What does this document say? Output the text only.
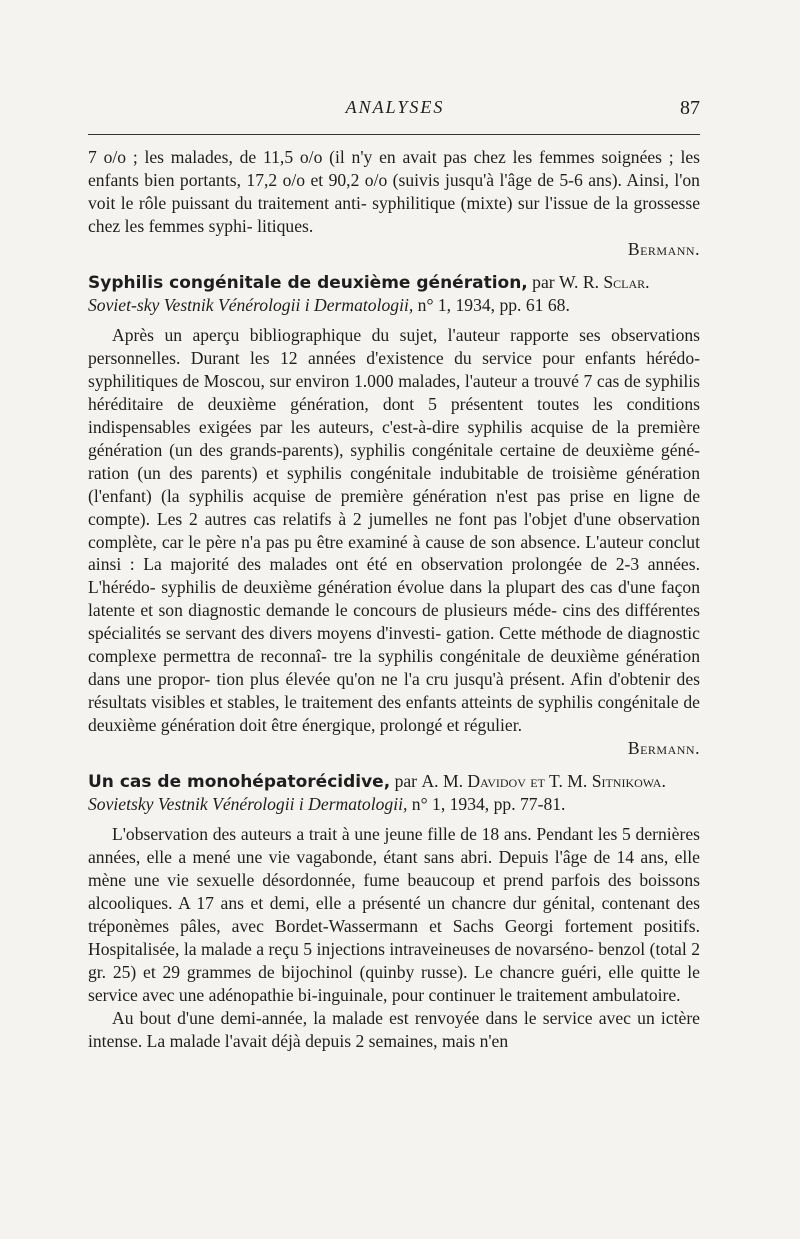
ANALYSES	87

7 o/o ; les malades, de 11,5 o/o (il n'y en avait pas chez les femmes soignées ; les enfants bien portants, 17,2 o/o et 90,2 o/o (suivis jusqu'à l'âge de 5-6 ans). Ainsi, l'on voit le rôle puissant du traitement anti- syphilitique (mixte) sur l'issue de la grossesse chez les femmes syphi- litiques.

Bermann.
Syphilis congénitale de deuxième génération, par W. R. Sclar. Soviet-sky Vestnik Vénérologii i Dermatologii, n° 1, 1934, pp. 61 68.

Après un aperçu bibliographique du sujet, l'auteur rapporte ses observations personnelles. Durant les 12 années d'existence du service pour enfants hérédo-syphilitiques de Moscou, sur environ 1.000 malades, l'auteur a trouvé 7 cas de syphilis héréditaire de deuxième génération, dont 5 présentent toutes les conditions indispensables exigées par les auteurs, c'est-à-dire syphilis acquise de la première génération (un des grands-parents), syphilis congénitale certaine de deuxième géné- ration (un des parents) et syphilis congénitale indubitable de troisième génération (l'enfant) (la syphilis acquise de première génération n'est pas prise en ligne de compte). Les 2 autres cas relatifs à 2 jumelles ne font pas l'objet d'une observation complète, car le père n'a pas pu être examiné à cause de son absence. L'auteur conclut ainsi : La majorité des malades ont été en observation prolongée de 2-3 années. L'hérédo- syphilis de deuxième génération évolue dans la plupart des cas d'une façon latente et son diagnostic demande le concours de plusieurs méde- cins des différentes spécialités se servant des divers moyens d'investi- gation. Cette méthode de diagnostic complexe permettra de reconnaî- tre la syphilis congénitale de deuxième génération dans une propor- tion plus élevée qu'on ne l'a cru jusqu'à présent. Afin d'obtenir des résultats visibles et stables, le traitement des enfants atteints de syphilis congénitale de deuxième génération doit être énergique, prolongé et régulier.

Bermann.
Un cas de monohépatorécidive, par A. M. Davidov et T. M. Sitnikowa. Sovietsky Vestnik Vénérologii i Dermatologii, n° 1, 1934, pp. 77-81.

L'observation des auteurs a trait à une jeune fille de 18 ans. Pendant les 5 dernières années, elle a mené une vie vagabonde, étant sans abri. Depuis l'âge de 14 ans, elle mène une vie sexuelle désordonnée, fume beaucoup et prend parfois des boissons alcooliques. A 17 ans et demi, elle a présenté un chancre dur génital, contenant des tréponèmes pâles, avec Bordet-Wassermann et Sachs Georgi fortement positifs. Hospitalisée, la malade a reçu 5 injections intraveineuses de novarséno- benzol (total 2 gr. 25) et 29 grammes de bijochinol (quinby russe). Le chancre guéri, elle quitte le service avec une adénopathie bi-inguinale, pour continuer le traitement ambulatoire.

Au bout d'une demi-année, la malade est renvoyée dans le service avec un ictère intense. La malade l'avait déjà depuis 2 semaines, mais n'en
